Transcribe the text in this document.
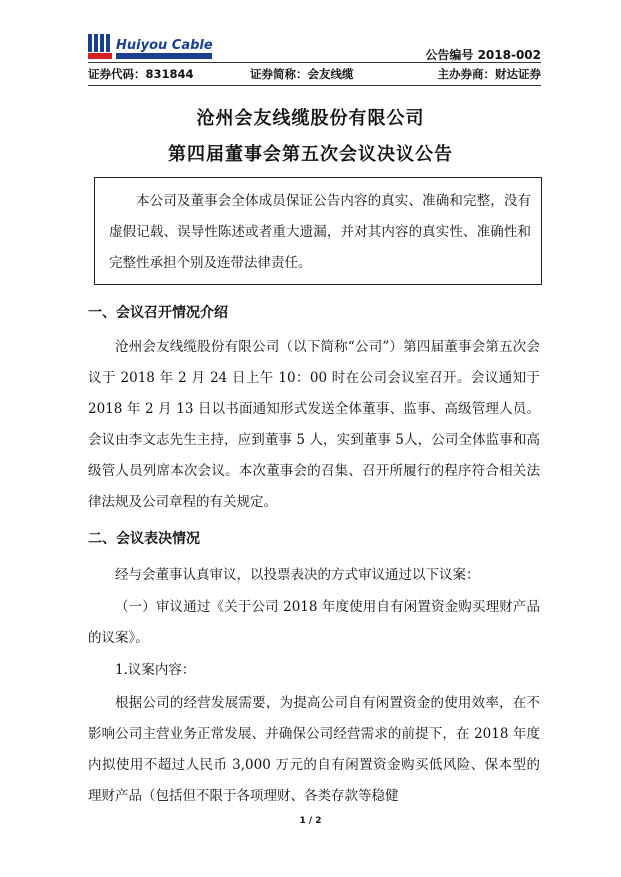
Huiyou Cable
公告编号 2018-002
证券代码：831844	证券简称：会友线缆	主办券商：财达证券
沧州会友线缆股份有限公司
第四届董事会第五次会议决议公告

本公司及董事会全体成员保证公告内容的真实、准确和完整，没有虚假记载、误导性陈述或者重大遗漏，并对其内容的真实性、准确性和完整性承担个别及连带法律责任。

一、会议召开情况介绍

沧州会友线缆股份有限公司（以下简称“公司”）第四届董事会第五次会议于 2018 年 2 月 24 日上午 10：00 时在公司会议室召开。会议通知于 2018 年 2 月 13 日以书面通知形式发送全体董事、监事、高级管理人员。会议由李文志先生主持，应到董事 5 人，实到董事 5人，公司全体监事和高级管人员列席本次会议。本次董事会的召集、召开所履行的程序符合相关法律法规及公司章程的有关规定。

二、会议表决情况

经与会董事认真审议，以投票表决的方式审议通过以下议案：

（一）审议通过《关于公司 2018 年度使用自有闲置资金购买理财产品的议案》。

1.议案内容：

根据公司的经营发展需要，为提高公司自有闲置资金的使用效率，在不影响公司主营业务正常发展、并确保公司经营需求的前提下，在 2018 年度内拟使用不超过人民币 3,000 万元的自有闲置资金购买低风险、保本型的理财产品（包括但不限于各项理财、各类存款等稳健

1 / 2
